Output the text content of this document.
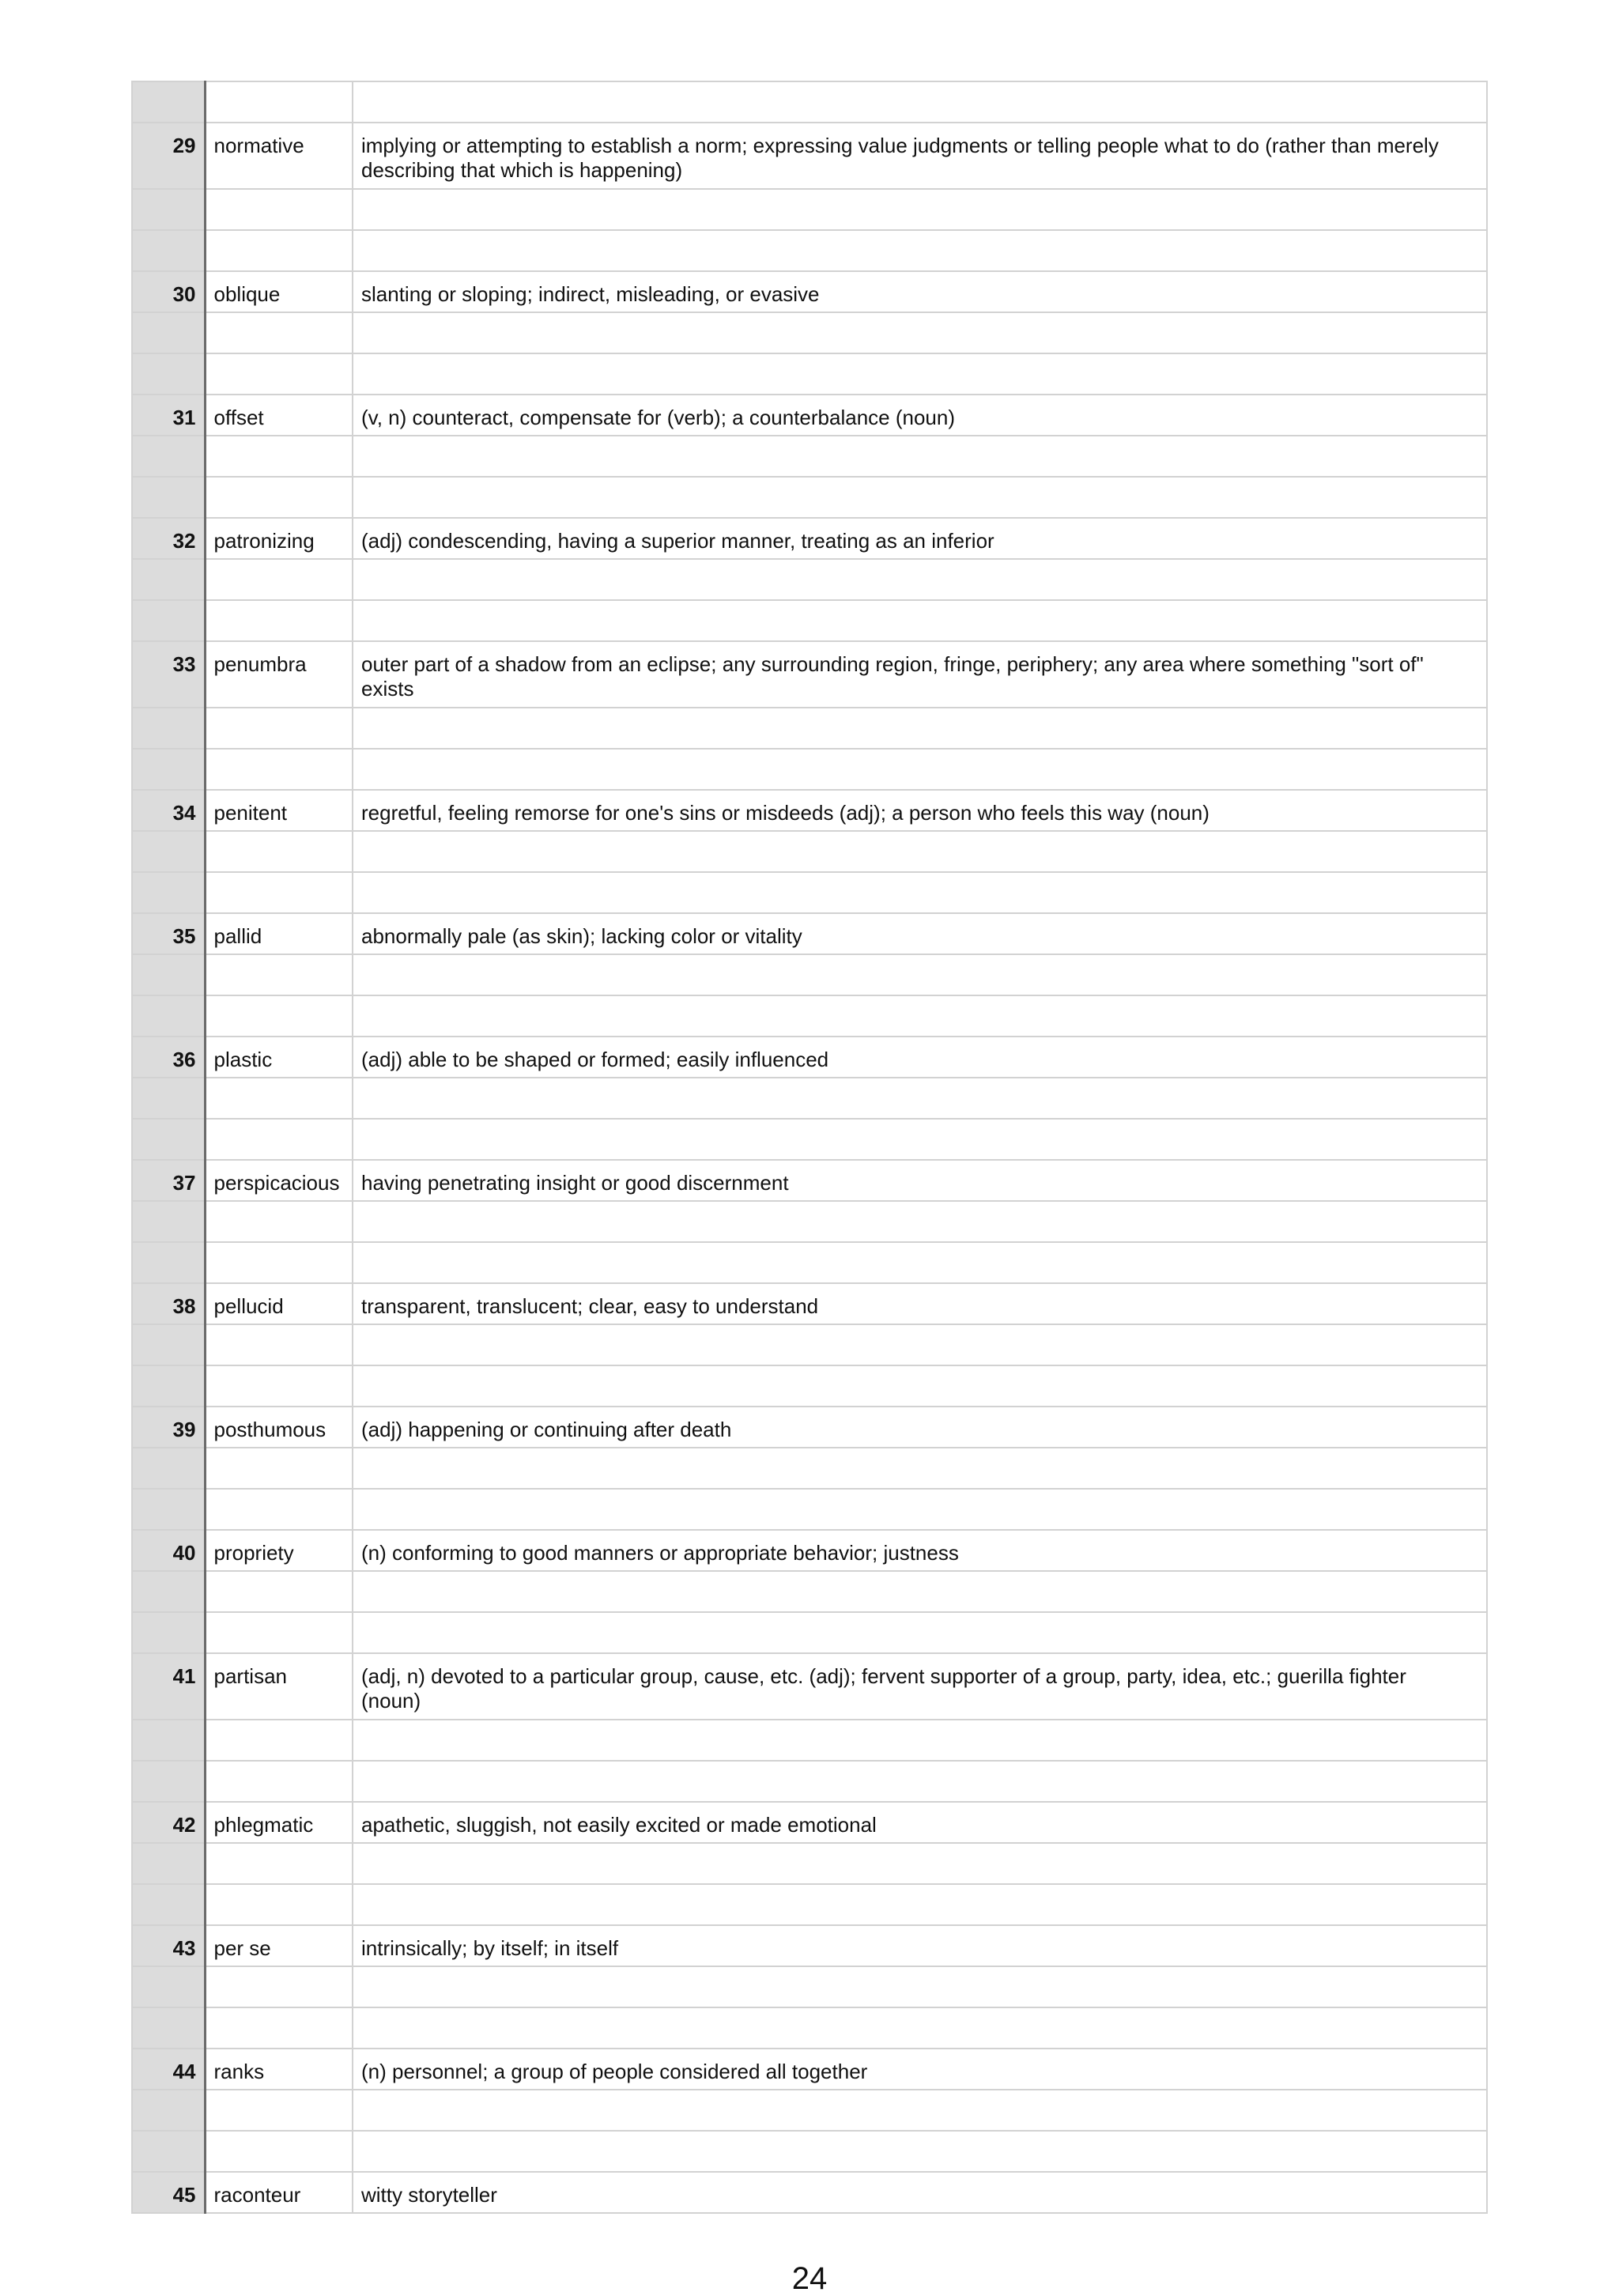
29	normative	implying or attempting to establish a norm; expressing value judgments or telling people what to do (rather than merely describing that which is happening)

30	oblique	slanting or sloping; indirect, misleading, or evasive

31	offset	(v, n) counteract, compensate for (verb); a counterbalance (noun)

32	patronizing	(adj) condescending, having a superior manner, treating as an inferior

33	penumbra	outer part of a shadow from an eclipse; any surrounding region, fringe, periphery; any area where something "sort of" exists

34	penitent	regretful, feeling remorse for one's sins or misdeeds (adj); a person who feels this way (noun)

35	pallid	abnormally pale (as skin); lacking color or vitality

36	plastic	(adj) able to be shaped or formed; easily influenced

37	perspicacious	having penetrating insight or good discernment

38	pellucid	transparent, translucent; clear, easy to understand

39	posthumous	(adj) happening or continuing after death

40	propriety	(n) conforming to good manners or appropriate behavior; justness

41	partisan	(adj, n) devoted to a particular group, cause, etc. (adj); fervent supporter of a group, party, idea, etc.; guerilla fighter (noun)

42	phlegmatic	apathetic, sluggish, not easily excited or made emotional

43	per se	intrinsically; by itself; in itself

44	ranks	(n) personnel; a group of people considered all together

45	raconteur	witty storyteller
24
